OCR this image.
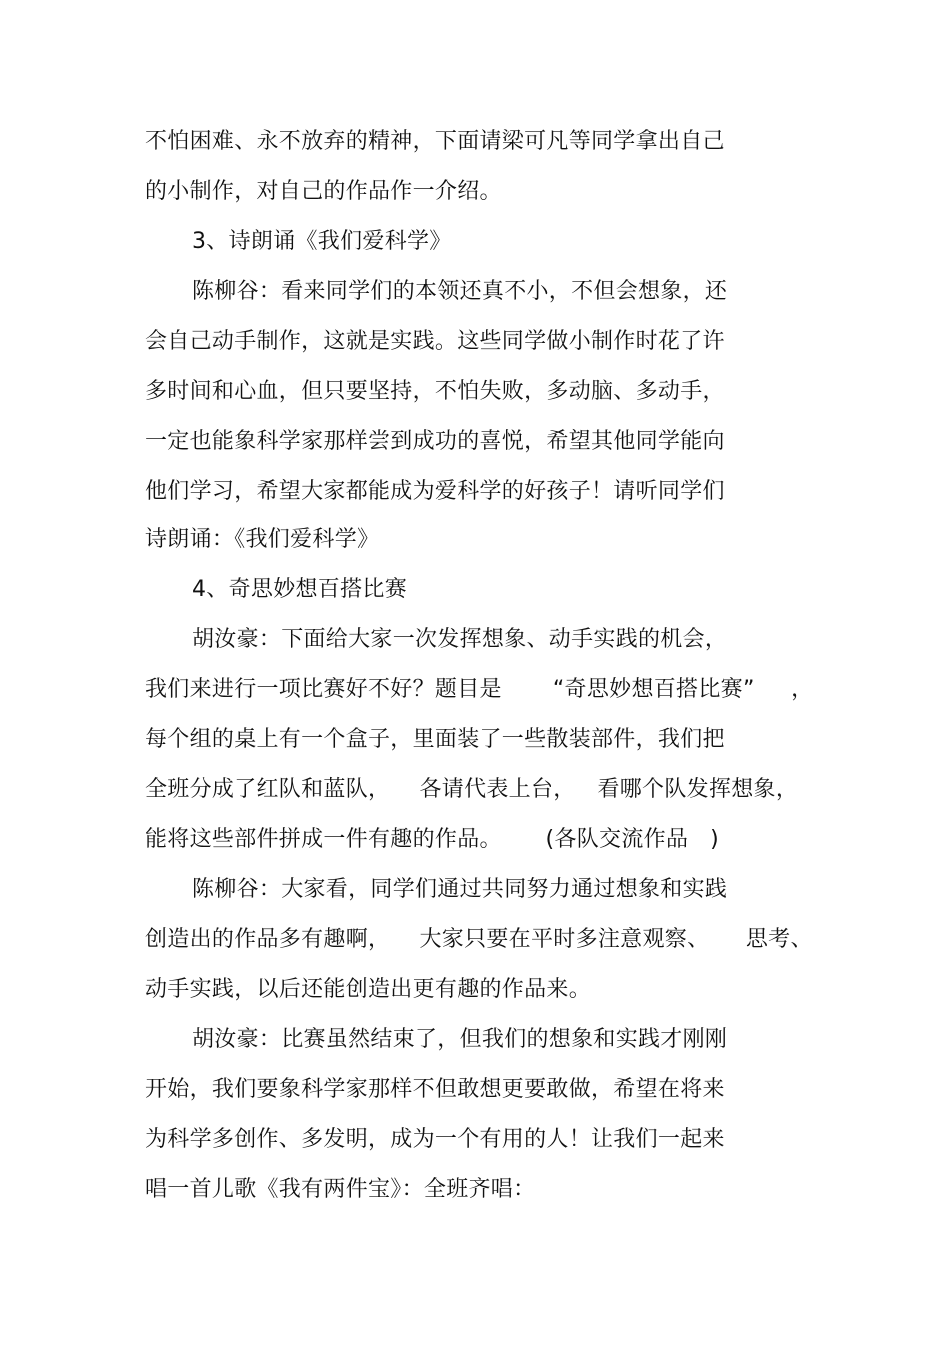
不怕困难、永不放弃的精神，下面请梁可凡等同学拿出自己
的小制作，对自己的作品作一介绍。
3、诗朗诵《我们爱科学》
陈柳谷：看来同学们的本领还真不小，不但会想象，还
会自己动手制作，这就是实践。这些同学做小制作时花了许
多时间和心血，但只要坚持，不怕失败，多动脑、多动手，
一定也能象科学家那样尝到成功的喜悦，希望其他同学能向
他们学习，希望大家都能成为爱科学的好孩子！请听同学们
诗朗诵：《我们爱科学》
4、奇思妙想百搭比赛
胡汝豪：下面给大家一次发挥想象、动手实践的机会，
我们来进行一项比赛好不好？题目是       “奇思妙想百搭比赛”     ，
每个组的桌上有一个盒子，里面装了一些散装部件，我们把
全班分成了红队和蓝队，    各请代表上台，   看哪个队发挥想象，
能将这些部件拼成一件有趣的作品。      (各队交流作品   )
陈柳谷：大家看，同学们通过共同努力通过想象和实践
创造出的作品多有趣啊，    大家只要在平时多注意观察、     思考、
动手实践，以后还能创造出更有趣的作品来。
胡汝豪：比赛虽然结束了，但我们的想象和实践才刚刚
开始，我们要象科学家那样不但敢想更要敢做，希望在将来
为科学多创作、多发明，成为一个有用的人！让我们一起来
唱一首儿歌《我有两件宝》：全班齐唱：
